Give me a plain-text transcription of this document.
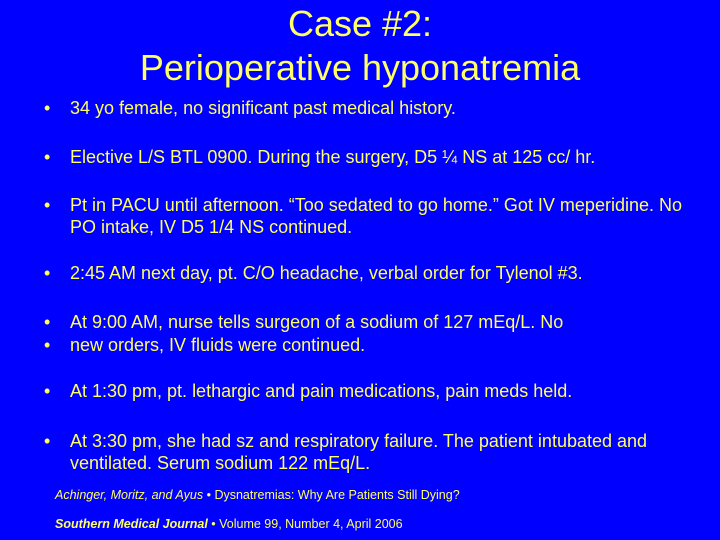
Case #2:
Perioperative hyponatremia
•	34 yo female, no significant past medical history.
•	Elective L/S BTL 0900. During the surgery, D5 ¼ NS at 125 cc/ hr.
•	Pt in PACU until afternoon. “Too sedated to go home.” Got IV meperidine. No PO intake, IV D5 1/4 NS continued.
•	2:45 AM next day, pt. C/O headache, verbal order for Tylenol #3.
•	At 9:00 AM, nurse tells surgeon of a sodium of 127 mEq/L. No
•	new orders, IV fluids were continued.
•	At 1:30 pm, pt. lethargic and pain medications, pain meds held.
•	At 3:30 pm, she had sz and respiratory failure. The patient intubated and ventilated. Serum sodium 122 mEq/L.
Achinger, Moritz, and Ayus • Dysnatremias: Why Are Patients Still Dying?
Southern Medical Journal • Volume 99, Number 4, April 2006
